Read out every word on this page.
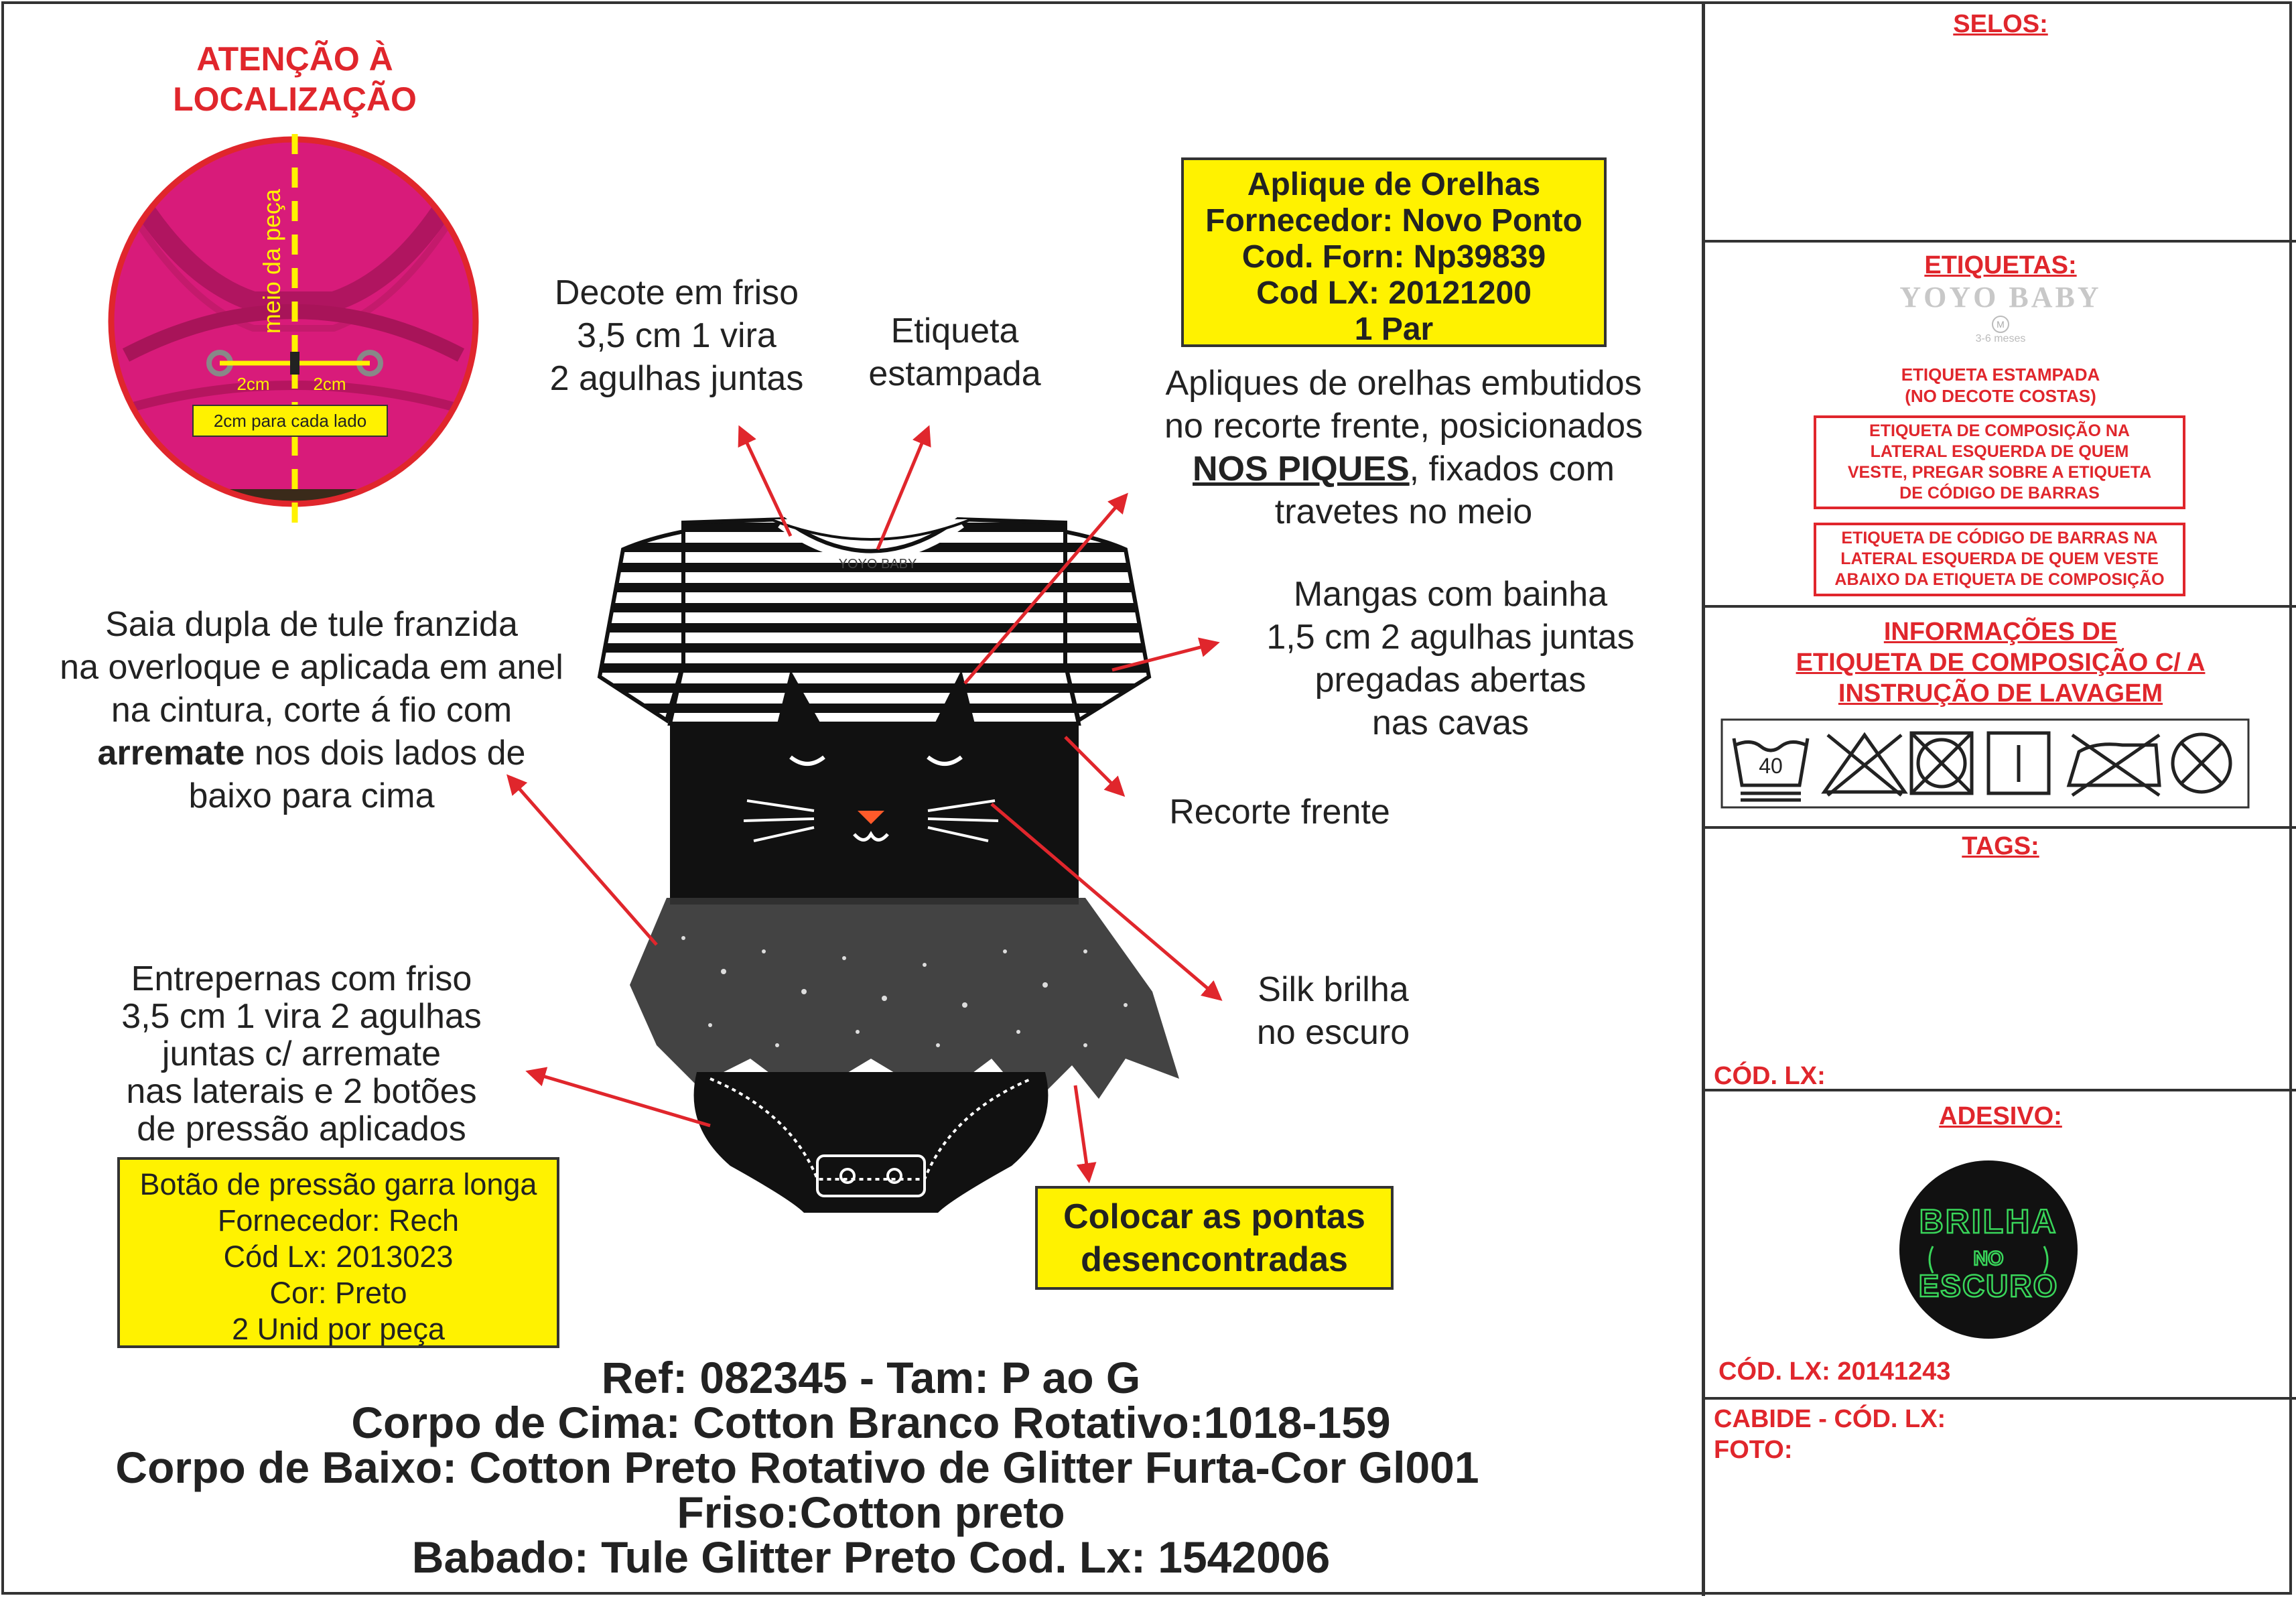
ATENÇÃO À
LOCALIZAÇÃO
2cm 2cm
meio da peça
2cm para cada lado
YOYO BABY
Decote em friso
3,5 cm 1 vira
2 agulhas juntas
Etiqueta
estampada
Aplique de Orelhas
Fornecedor: Novo Ponto
Cod. Forn: Np39839
Cod LX: 20121200
1 Par
Apliques de orelhas embutidos
no recorte frente, posicionados
NOS PIQUES, fixados com
travetes no meio
Mangas com bainha
1,5 cm 2 agulhas juntas
pregadas abertas
nas cavas
Recorte frente
Saia dupla de tule franzida
na overloque e aplicada em anel
na cintura, corte á fio com
arremate nos dois lados de
baixo para cima
Silk brilha
no escuro
Entrepernas com friso
3,5 cm 1 vira 2 agulhas
juntas c/ arremate
nas laterais e 2 botões
de pressão aplicados
Botão de pressão garra longa
Fornecedor: Rech
Cód Lx: 2013023
Cor: Preto
2 Unid por peça
Colocar as pontas
desencontradas
Ref: 082345 - Tam: P ao G
Corpo de Cima: Cotton Branco Rotativo:1018-159
Corpo de Baixo: Cotton Preto Rotativo de Glitter Furta-Cor Gl001
Friso:Cotton preto
Babado: Tule Glitter Preto Cod. Lx: 1542006
SELOS:
ETIQUETAS:
YOYO BABY
M
3-6 meses
ETIQUETA ESTAMPADA
(NO DECOTE COSTAS)
ETIQUETA DE COMPOSIÇÃO NA
LATERAL ESQUERDA DE QUEM
VESTE, PREGAR SOBRE A ETIQUETA
DE CÓDIGO DE BARRAS
ETIQUETA DE CÓDIGO DE BARRAS NA
LATERAL ESQUERDA DE QUEM VESTE
ABAIXO DA ETIQUETA DE COMPOSIÇÃO
INFORMAÇÕES DE
ETIQUETA DE COMPOSIÇÃO C/ A
INSTRUÇÃO DE LAVAGEM
40
TAGS:
CÓD. LX:
ADESIVO:
BRILHA
NO
ESCURO
CÓD. LX: 20141243
CABIDE - CÓD. LX:
FOTO:
